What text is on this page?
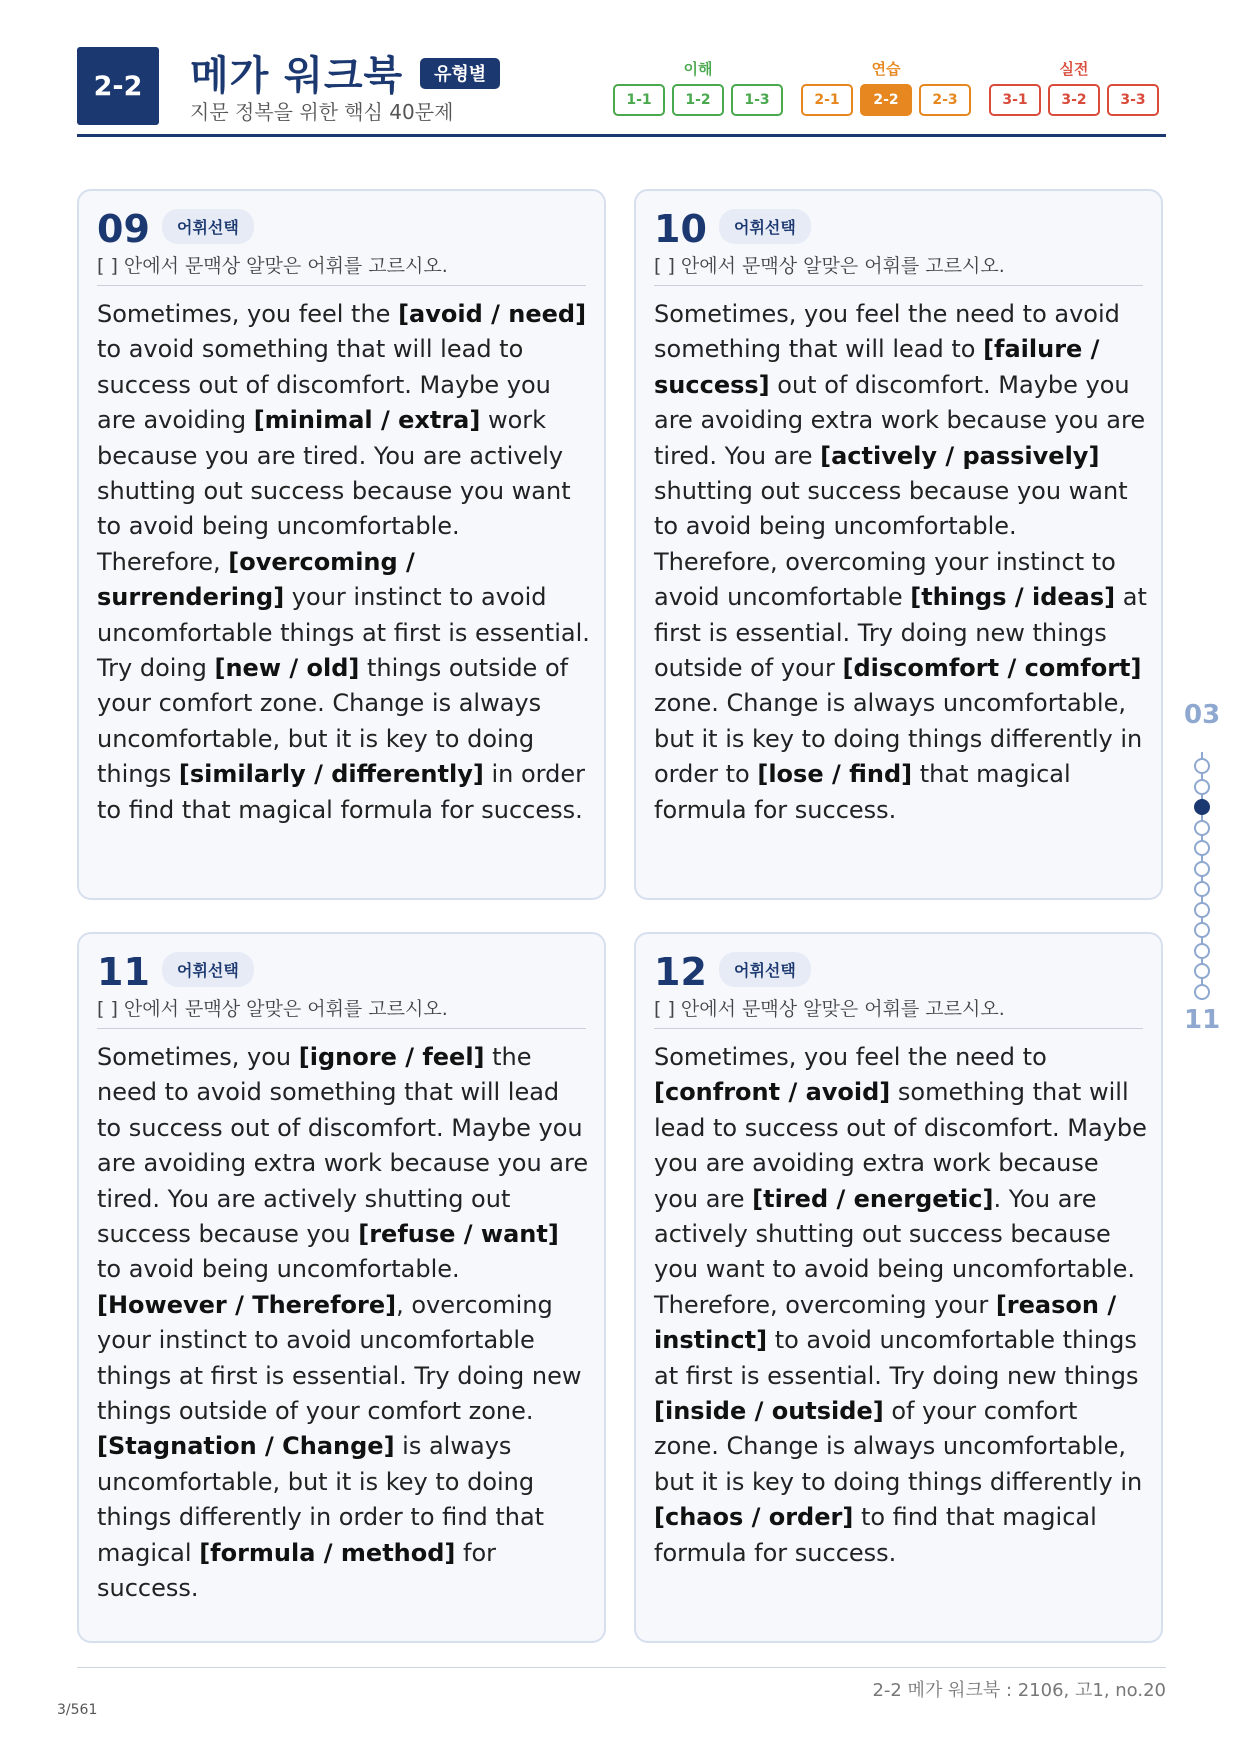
2-2	메가 워크북	유형별
지문 정복을 위한 핵심 40문제
이해
1-1	1-2	1-3
연습
2-1	2-2	2-3
실전
3-1	3-2	3-3
09	어휘선택
[ ] 안에서 문맥상 알맞은 어휘를 고르시오.
Sometimes, you feel the [avoid / need] to avoid something that will lead to success out of discomfort. Maybe you are avoiding [minimal / extra] work because you are tired. You are actively shutting out success because you want to avoid being uncomfortable. Therefore, [overcoming / surrendering] your instinct to avoid uncomfortable things at first is essential. Try doing [new / old] things outside of your comfort zone. Change is always uncomfortable, but it is key to doing things [similarly / differently] in order to find that magical formula for success.
10	어휘선택
[ ] 안에서 문맥상 알맞은 어휘를 고르시오.
Sometimes, you feel the need to avoid something that will lead to [failure / success] out of discomfort. Maybe you are avoiding extra work because you are tired. You are [actively / passively] shutting out success because you want to avoid being uncomfortable. Therefore, overcoming your instinct to avoid uncomfortable [things / ideas] at first is essential. Try doing new things outside of your [discomfort / comfort] zone. Change is always uncomfortable, but it is key to doing things differently in order to [lose / find] that magical formula for success.
11	어휘선택
[ ] 안에서 문맥상 알맞은 어휘를 고르시오.
Sometimes, you [ignore / feel] the need to avoid something that will lead to success out of discomfort. Maybe you are avoiding extra work because you are tired. You are actively shutting out success because you [refuse / want] to avoid being uncomfortable. [However / Therefore], overcoming your instinct to avoid uncomfortable things at first is essential. Try doing new things outside of your comfort zone. [Stagnation / Change] is always uncomfortable, but it is key to doing things differently in order to find that magical [formula / method] for success.
12	어휘선택
[ ] 안에서 문맥상 알맞은 어휘를 고르시오.
Sometimes, you feel the need to [confront / avoid] something that will lead to success out of discomfort. Maybe you are avoiding extra work because you are [tired / energetic]. You are actively shutting out success because you want to avoid being uncomfortable. Therefore, overcoming your [reason / instinct] to avoid uncomfortable things at first is essential. Try doing new things [inside / outside] of your comfort zone. Change is always uncomfortable, but it is key to doing things differently in [chaos / order] to find that magical formula for success.
03
11
2-2 메가 워크북 : 2106, 고1, no.20
3/561
